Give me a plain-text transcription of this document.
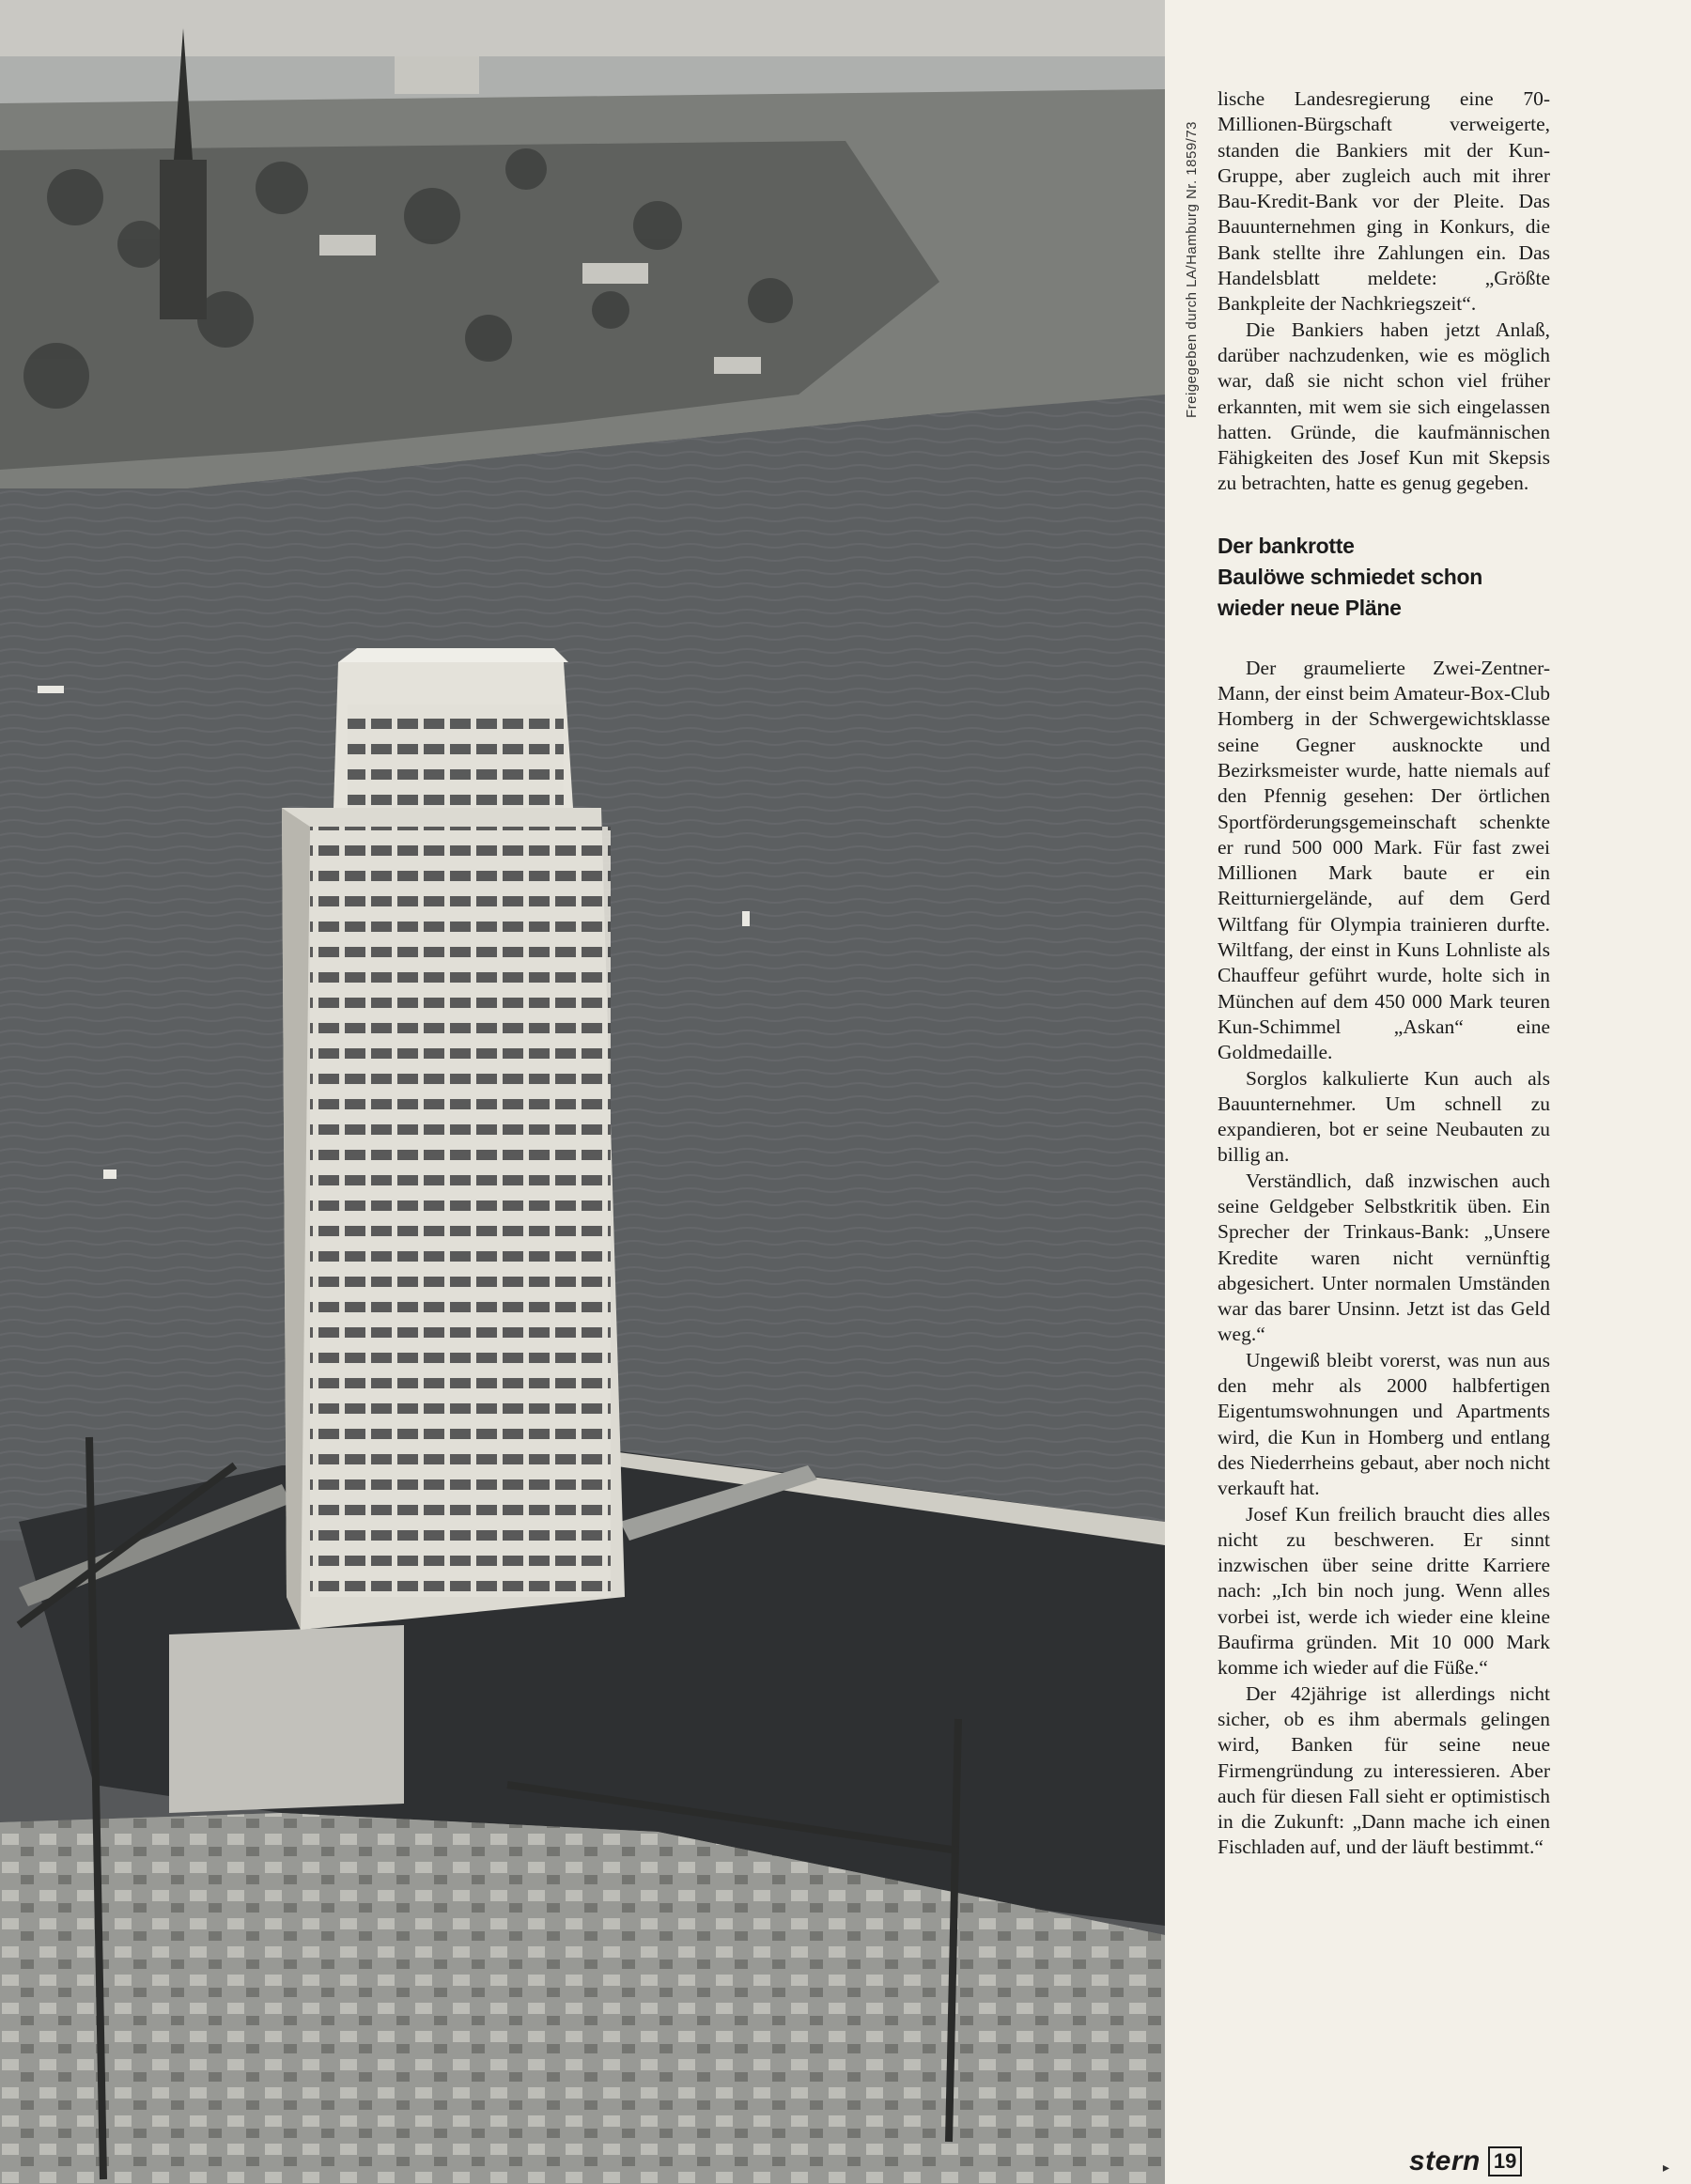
Freigegeben durch LA/Hamburg Nr. 1859/73

lische Landesregierung eine 70-Millionen-Bürgschaft verweigerte, standen die Bankiers mit der Kun-Gruppe, aber zugleich auch mit ihrer Bau-Kredit-Bank vor der Pleite. Das Bauunternehmen ging in Konkurs, die Bank stellte ihre Zahlungen ein. Das Handelsblatt meldete: „Größte Bankpleite der Nachkriegszeit“.

Die Bankiers haben jetzt Anlaß, darüber nachzudenken, wie es möglich war, daß sie nicht schon viel früher erkannten, mit wem sie sich eingelassen hatten. Gründe, die kaufmännischen Fähigkeiten des Josef Kun mit Skepsis zu betrachten, hatte es genug gegeben.

Der bankrotte
Baulöwe schmiedet schon
wieder neue Pläne

Der graumelierte Zwei-Zentner-Mann, der einst beim Amateur-Box-Club Homberg in der Schwergewichtsklasse seine Gegner ausknockte und Bezirksmeister wurde, hatte niemals auf den Pfennig gesehen: Der örtlichen Sportförderungsgemeinschaft schenkte er rund 500 000 Mark. Für fast zwei Millionen Mark baute er ein Reitturniergelände, auf dem Gerd Wiltfang für Olympia trainieren durfte. Wiltfang, der einst in Kuns Lohnliste als Chauffeur geführt wurde, holte sich in München auf dem 450 000 Mark teuren Kun-Schimmel „Askan“ eine Goldmedaille.

Sorglos kalkulierte Kun auch als Bauunternehmer. Um schnell zu expandieren, bot er seine Neubauten zu billig an.

Verständlich, daß inzwischen auch seine Geldgeber Selbstkritik üben. Ein Sprecher der Trinkaus-Bank: „Unsere Kredite waren nicht vernünftig abgesichert. Unter normalen Umständen war das barer Unsinn. Jetzt ist das Geld weg.“

Ungewiß bleibt vorerst, was nun aus den mehr als 2000 halbfertigen Eigentumswohnungen und Apartments wird, die Kun in Homberg und entlang des Niederrheins gebaut, aber noch nicht verkauft hat.

Josef Kun freilich braucht dies alles nicht zu beschweren. Er sinnt inzwischen über seine dritte Karriere nach: „Ich bin noch jung. Wenn alles vorbei ist, werde ich wieder eine kleine Baufirma gründen. Mit 10 000 Mark komme ich wieder auf die Füße.“

Der 42jährige ist allerdings nicht sicher, ob es ihm abermals gelingen wird, Banken für seine neue Firmengründung zu interessieren. Aber auch für diesen Fall sieht er optimistisch in die Zukunft: „Dann mache ich einen Fischladen auf, und der läuft bestimmt.“

stern 19	▸
